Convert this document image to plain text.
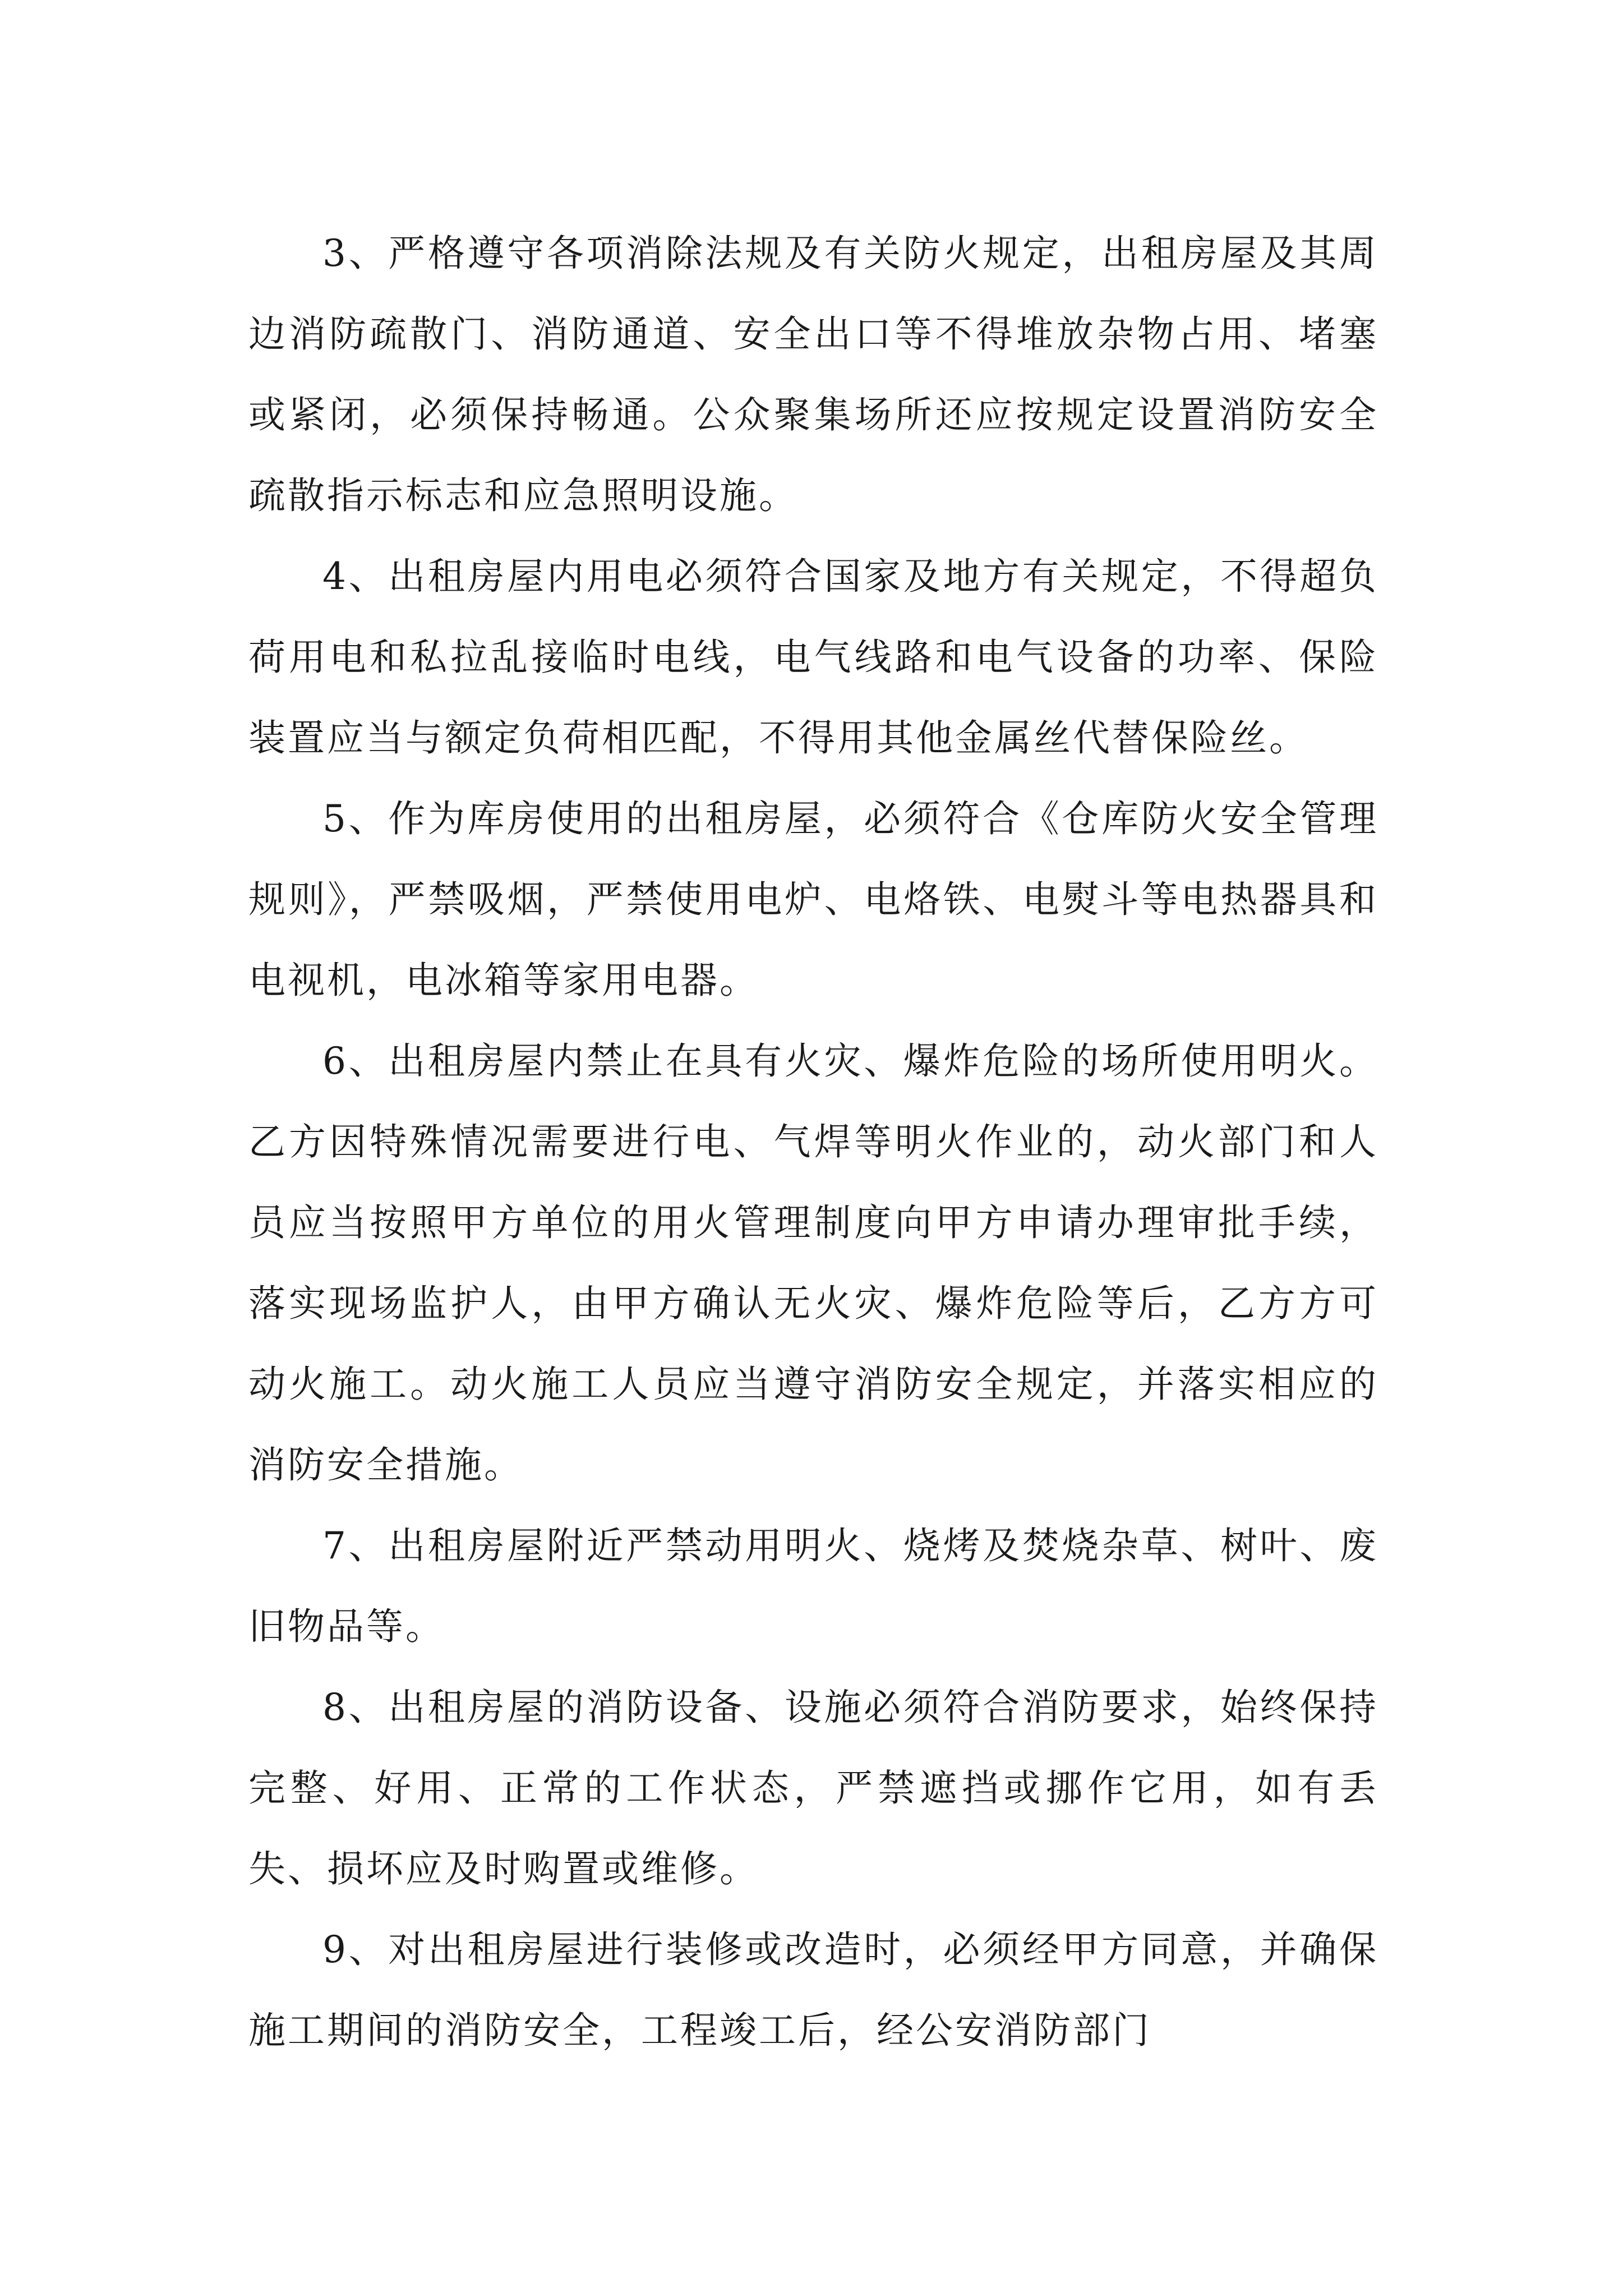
3、严格遵守各项消除法规及有关防火规定，出租房屋及其周边消防疏散门、消防通道、安全出口等不得堆放杂物占用、堵塞或紧闭，必须保持畅通。公众聚集场所还应按规定设置消防安全疏散指示标志和应急照明设施。

4、出租房屋内用电必须符合国家及地方有关规定，不得超负荷用电和私拉乱接临时电线，电气线路和电气设备的功率、保险装置应当与额定负荷相匹配，不得用其他金属丝代替保险丝。

5、作为库房使用的出租房屋，必须符合《仓库防火安全管理规则》，严禁吸烟，严禁使用电炉、电烙铁、电熨斗等电热器具和电视机，电冰箱等家用电器。

6、出租房屋内禁止在具有火灾、爆炸危险的场所使用明火。乙方因特殊情况需要进行电、气焊等明火作业的，动火部门和人员应当按照甲方单位的用火管理制度向甲方申请办理审批手续，落实现场监护人，由甲方确认无火灾、爆炸危险等后，乙方方可动火施工。动火施工人员应当遵守消防安全规定，并落实相应的消防安全措施。

7、出租房屋附近严禁动用明火、烧烤及焚烧杂草、树叶、废旧物品等。

8、出租房屋的消防设备、设施必须符合消防要求，始终保持完整、好用、正常的工作状态，严禁遮挡或挪作它用，如有丢失、损坏应及时购置或维修。

9、对出租房屋进行装修或改造时，必须经甲方同意，并确保施工期间的消防安全，工程竣工后，经公安消防部门
